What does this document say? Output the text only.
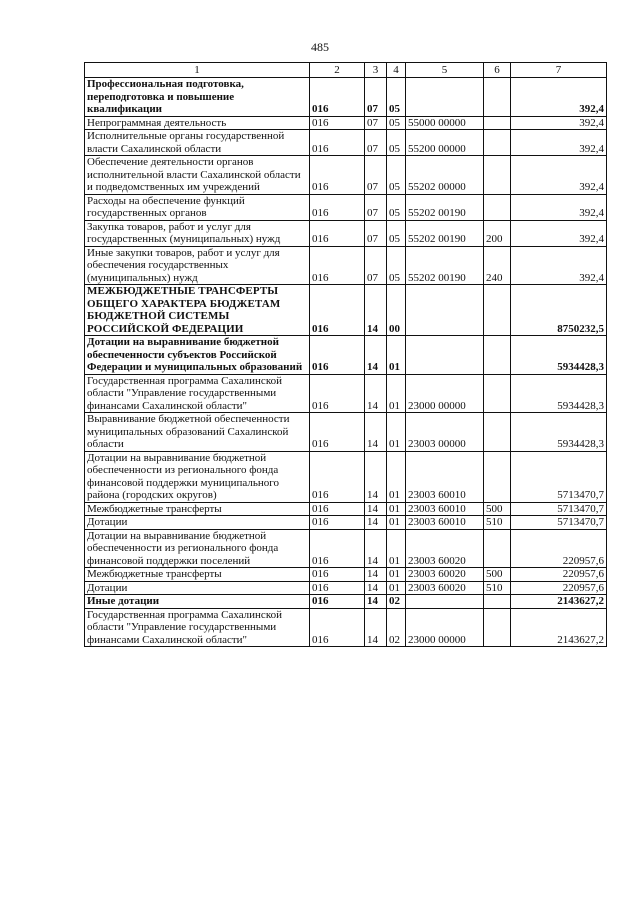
485
1	2	3	4	5	6	7
Профессиональная подготовка, переподготовка и повышение квалификации	016	07	05			392,4
Непрограммная деятельность	016	07	05	55000 00000		392,4
Исполнительные органы государственной власти Сахалинской области	016	07	05	55200 00000		392,4
Обеспечение деятельности органов исполнительной власти Сахалинской области и подведомственных им учреждений	016	07	05	55202 00000		392,4
Расходы на обеспечение функций государственных органов	016	07	05	55202 00190		392,4
Закупка товаров, работ и услуг для государственных (муниципальных) нужд	016	07	05	55202 00190	200	392,4
Иные закупки товаров, работ и услуг для обеспечения государственных (муниципальных) нужд	016	07	05	55202 00190	240	392,4
МЕЖБЮДЖЕТНЫЕ ТРАНСФЕРТЫ ОБЩЕГО ХАРАКТЕРА БЮДЖЕТАМ БЮДЖЕТНОЙ СИСТЕМЫ РОССИЙСКОЙ ФЕДЕРАЦИИ	016	14	00			8750232,5
Дотации на выравнивание бюджетной обеспеченности субъектов Российской Федерации и муниципальных образований	016	14	01			5934428,3
Государственная программа Сахалинской области "Управление государственными финансами Сахалинской области"	016	14	01	23000 00000		5934428,3
Выравнивание бюджетной обеспеченности муниципальных образований Сахалинской области	016	14	01	23003 00000		5934428,3
Дотации на выравнивание бюджетной обеспеченности из регионального фонда финансовой поддержки муниципального района (городских округов)	016	14	01	23003 60010		5713470,7
Межбюджетные трансферты	016	14	01	23003 60010	500	5713470,7
Дотации	016	14	01	23003 60010	510	5713470,7
Дотации на выравнивание бюджетной обеспеченности из регионального фонда финансовой поддержки поселений	016	14	01	23003 60020		220957,6
Межбюджетные трансферты	016	14	01	23003 60020	500	220957,6
Дотации	016	14	01	23003 60020	510	220957,6
Иные дотации	016	14	02			2143627,2
Государственная программа Сахалинской области "Управление государственными финансами Сахалинской области"	016	14	02	23000 00000		2143627,2
